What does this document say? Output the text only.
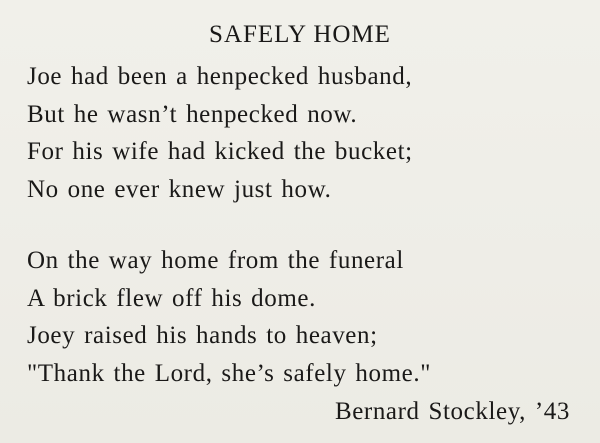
SAFELY HOME
Joe had been a henpecked husband,
But he wasn’t henpecked now.
For his wife had kicked the bucket;
No one ever knew just how.
On the way home from the funeral
A brick flew off his dome.
Joey raised his hands to heaven;
"Thank the Lord, she’s safely home."
Bernard Stockley, ’43
